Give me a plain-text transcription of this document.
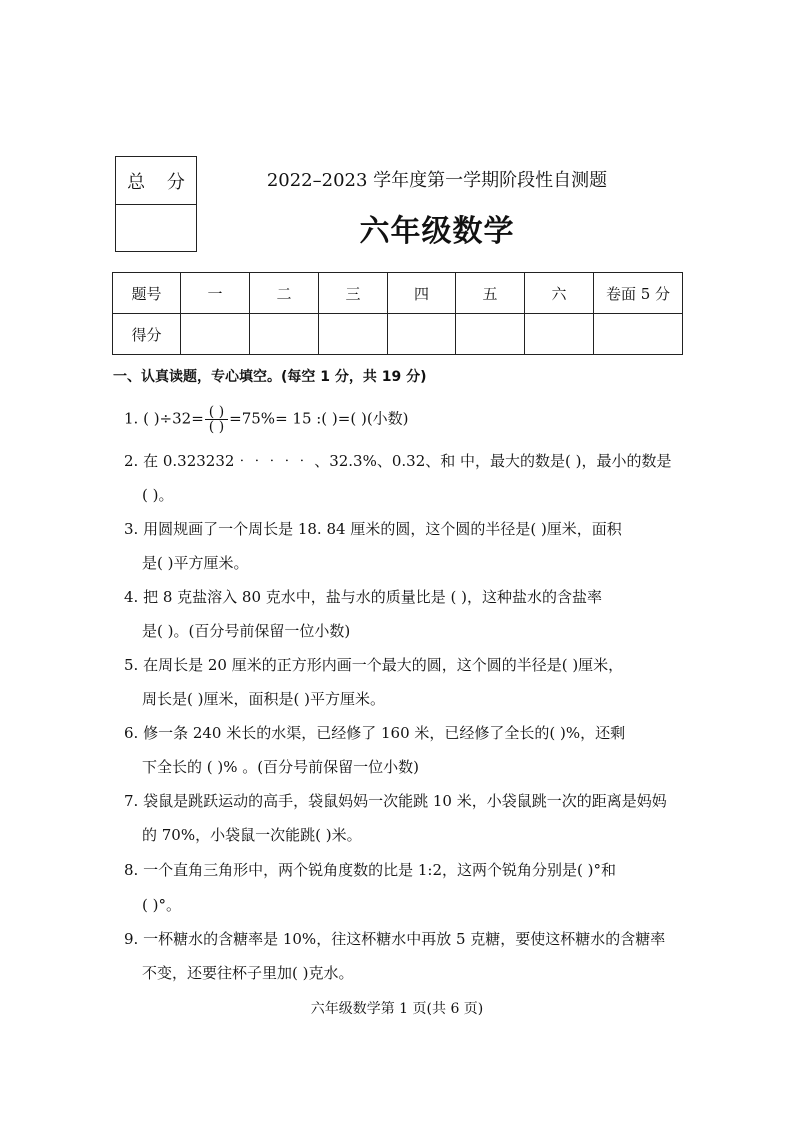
总 分	2022–2023 学年度第一学期阶段性自测题
六年级数学
题号	一	二	三	四	五	六	卷面 5 分
得分							
一、认真读题，专心填空。(每空 1 分，共 19 分)
1. ( )$\div 32= \frac{( )}{( )} =75\%= 15$ :( )=( )(小数)
2. 在 0.323232‧‧‧‧‧ 、32.3%、0.32、和 中，最大的数是( )，最小的数是
( )。
3. 用圆规画了一个周长是 18. 84 厘米的圆，这个圆的半径是( )厘米，面积
是( )平方厘米。
4. 把 8 克盐溶入 80 克水中，盐与水的质量比是 ( )，这种盐水的含盐率
是( )。(百分号前保留一位小数)
5. 在周长是 20 厘米的正方形内画一个最大的圆，这个圆的半径是( )厘米，
周长是( )厘米，面积是( )平方厘米。
6. 修一条 240 米长的水渠，已经修了 160 米，已经修了全长的( )%，还剩
下全长的 ( )% 。(百分号前保留一位小数)
7. 袋鼠是跳跃运动的高手，袋鼠妈妈一次能跳 10 米，小袋鼠跳一次的距离是妈妈
的 70%，小袋鼠一次能跳( )米。
8. 一个直角三角形中，两个锐角度数的比是 1:2，这两个锐角分别是( )°和
( )°。
9. 一杯糖水的含糖率是 10%，往这杯糖水中再放 5 克糖，要使这杯糖水的含糖率
不变，还要往杯子里加( )克水。
六年级数学第 1 页(共 6 页)
